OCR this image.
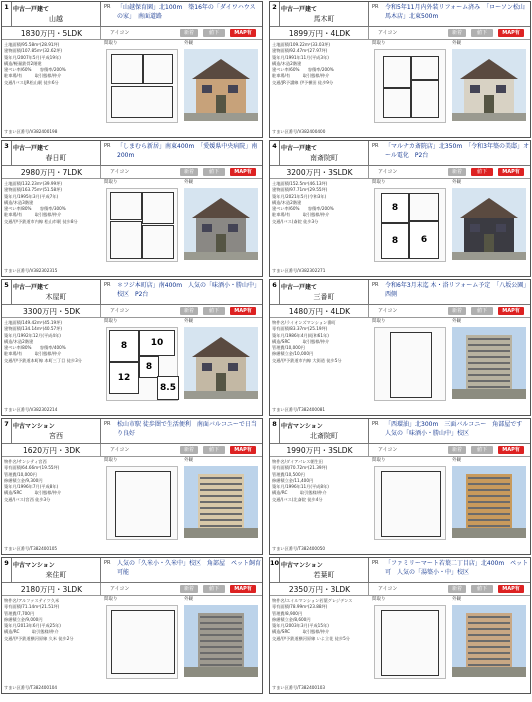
1 中古一戸建て
山越
PR 「山越保育園」北100m　築16年の「ダイワハウスの家」　南面道路
1830万円・5LDK	アイコン	新着	値下	MAP有
土地面積/95.58m²(28.91坪)
建物面積/107.85m²(32.62坪)
築年月/2007年5月(平成19年)
構造/軽量鉄骨2階建
建ぺい率/60%　　容積率/200%
駐車場/有　　　取引態様/仲介
交通/(バス)JR松山駅 徒歩6分
間取り	外観
すまい区番号/V382400198
2 中古一戸建て
馬木町
PR 令和5年11月内外装リフォーム済み　「ローソン松山馬木店」北東500m
1899万円・4LDK	アイコン	新着	値下	MAP有
土地面積/109.22m²(33.03坪)
建物面積/92.47m²(27.97坪)
築年月/1991年11月(平成3年)
構造/木造2階建
建ぺい率/60%　　容積率/200%
駐車場/有　　　取引態様/仲介
交通/JR予讃線 伊予横田 徒歩9分
間取り	外観
すまい区番号/V382400400
3 中古一戸建て
春日町
PR 「しまむら新居」南東400m　「愛媛県中央病院」南200m
2980万円・7LDK	アイコン	新着	値下	MAP有
土地面積/132.23m²(39.99坪)
建物面積/163.75m²(51.58坪)
築年月/1995年3月(平成7年)
構造/木造3階建
建ぺい率/80%　　容積率/300%
駐車場/有　　　取引態様/仲介
交通/伊予鉄道市内線 松山市駅 徒歩8分
間取り	外観
すまい区番号/V382302315
4 中古一戸建て
南斎院町
PR 「マルナカ斎院店」北350m　「令和3年築の美邸」オール電化　P2台
3200万円・3SLDK	アイコン	新着	値下	MAP有
土地面積/152.5m²(46.13坪)
建物面積/97.71m²(29.55坪)
築年月/2021年5月(令和3年)
構造/木造2階建
建ぺい率/60%　　容積率/200%
駐車場/有　　　取引態様/仲介
交通/(バス)斎院 徒歩3分
間取り	外観
8
8	6
すまい区番号/V382302271
5 中古一戸建て
木屋町
PR ＊フジ本町店」南400m　人気の「味酒小・勝山中」校区　P2台
3300万円・5DK	アイコン	新着	値下	MAP有
土地面積/149.42m²(45.19坪)
建物面積/134.14m²(40.57坪)
築年月/1992年12月(平成4年)
構造/木造2階建
建ぺい率/80%　　容積率/400%
駐車場/有　　　取引態様/仲介
交通/伊予鉄道本町線 本町三丁目 徒歩3分
間取り	外観
8	10
12
8
8.5
すまい区番号/V382302214
6 中古一戸建て
三番町
PR 令和6年3月末迄 木・浴リフォーム予定　「八坂公園」西側
1480万円・4LDK	アイコン	新着	値下	MAP有
物件名/ライオンズマンション番町
専有面積/83.37m²(25.19坪)
築年月/1986年4月(昭和61年)
構造/SRC　　　取引態様/仲介
管理費/10,000円
修繕積立金/10,000円
交通/伊予鉄道市内線 大街道 徒歩5分
間取り	外観
すまい区番号/T382400081
7 中古マンション
宮西
PR 松山市駅 徒歩圏で生活便利　南面バルコニーで日当り良好
1620万円・3DK	アイコン	新着	値下	MAP有
物件名/サンシティ宮西
専有面積/64.66m²(19.55坪)
管理費/10,000円
修繕積立金/9,300円
築年月/1996年7月(平成8年)
構造/SRC　　　取引態様/仲介
交通/(バス)宮西 徒歩3分
間取り	外観
すまい区番号/T382400105
8 中古マンション
北斎院町
PR 「西環油」北300m　三面バルコニー　角部屋です　人気の「味酒小・勝山中」校区
1990万円・3SLDK	アイコン	新着	値下	MAP有
物件名/ダイアパレス朝生田
専有面積/70.72m²(21.39坪)
管理費/10,500円
修繕積立金/11,400円
築年月/1996年11月(平成8年)
構造/RC　　　取引態様/仲介
交通/(バス)北斎院 徒歩4分
間取り	外観
すまい区番号/T382400050
9 中古マンション
来住町
PR 人気の「久米小・久米中」校区　角部屋　ペット飼育可能
2180万円・3LDK	アイコン	新着	値下	MAP有
物件名/アルファステイツ久米
専有面積/71.14m²(21.51坪)
管理費/7,700円
修繕積立金/9,000円
築年月/2013年6月(平成25年)
構造/RC　　　取引態様/仲介
交通/伊予鉄道横河原線 久米 徒歩2分
間取り	外観
すまい区番号/T382400104
10 中古マンション
若葉町
PR 「ファミリーマート若葉二丁目店」北400m　ペット可　人気の「湯築小・中」校区
2350万円・3LDK	アイコン	新着	値下	MAP有
物件名/エイルマンション若葉グレジデンス
専有面積/78.99m²(23.88坪)
管理費/8,900円
修繕積立金/8,600円
築年月/2003年3月(平成15年)
構造/SRC　　　取引態様/仲介
交通/伊予鉄道横河原線 いよ立花 徒歩5分
間取り	外観
すまい区番号/T382400103
